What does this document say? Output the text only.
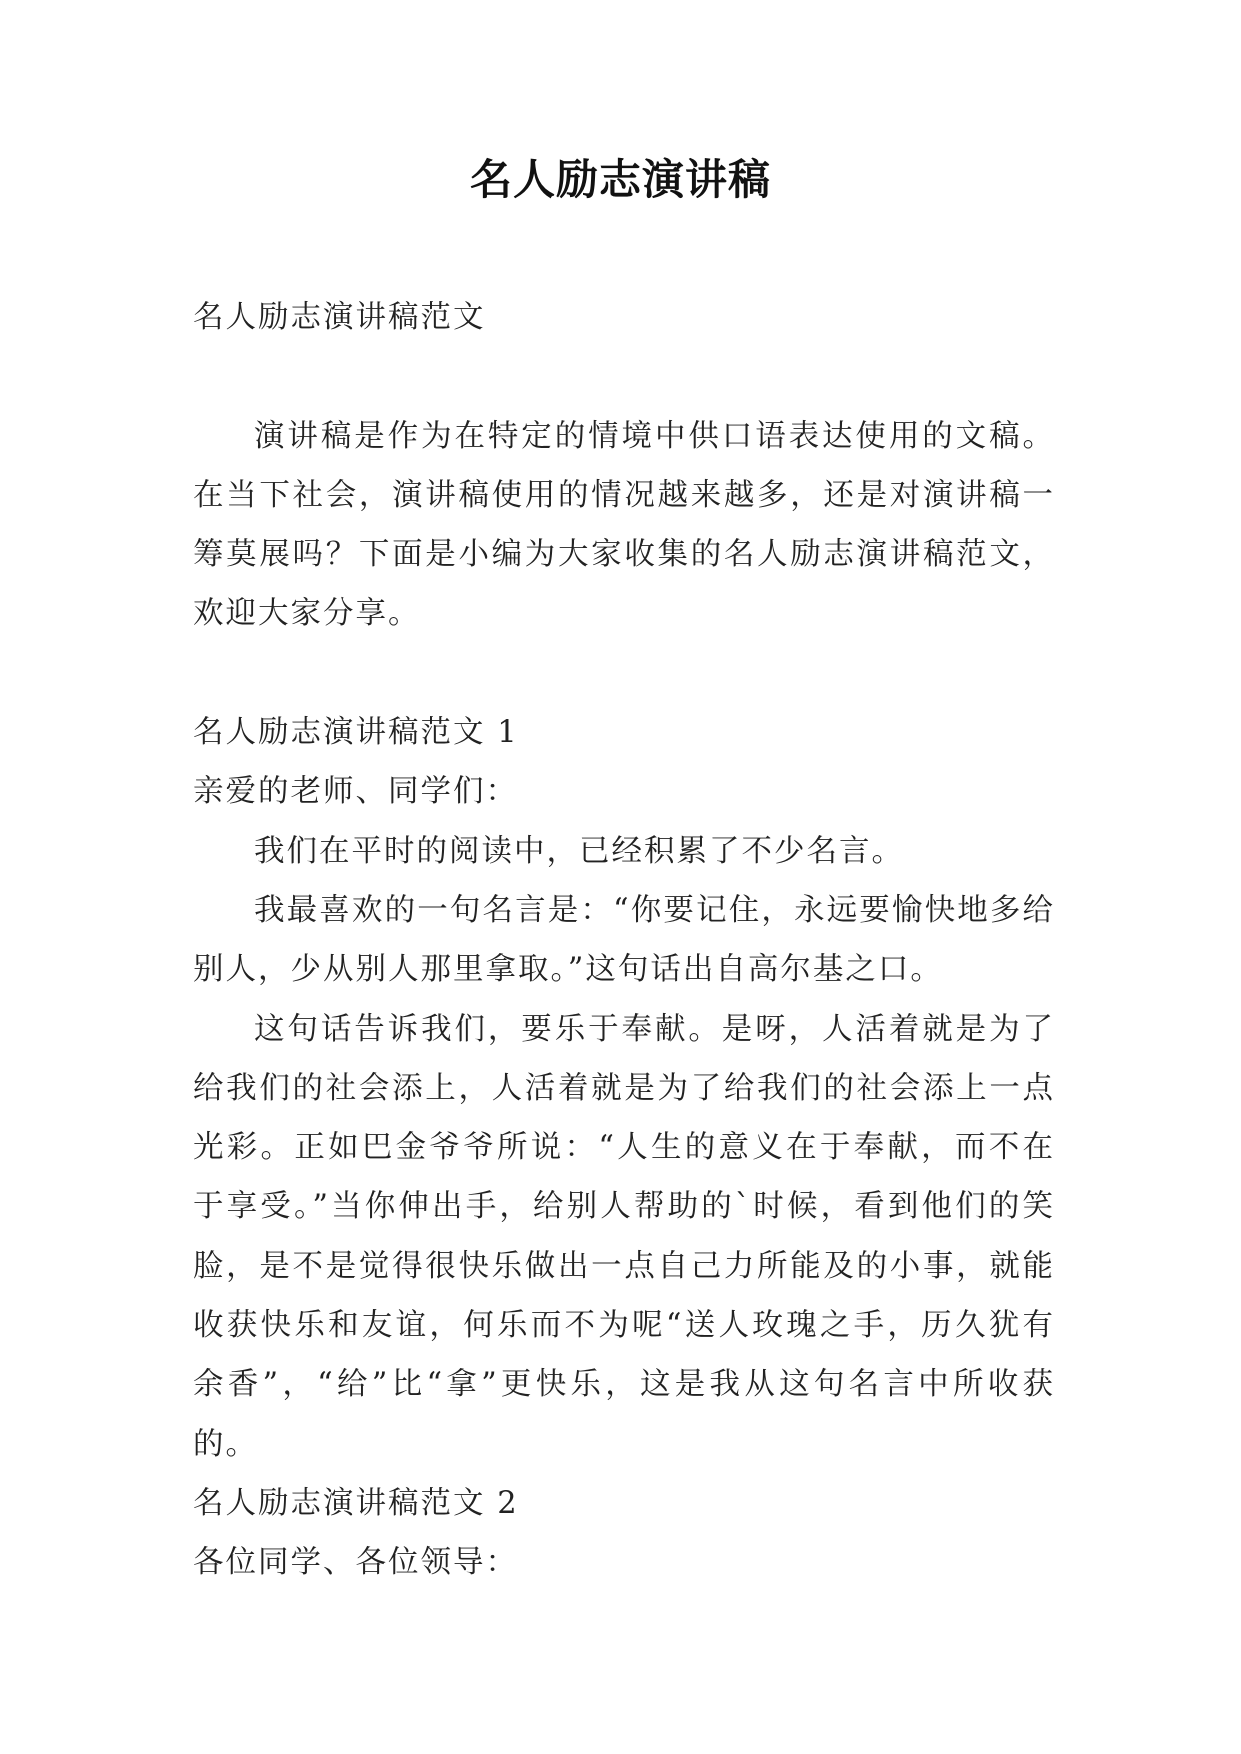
名人励志演讲稿

名人励志演讲稿范文

演讲稿是作为在特定的情境中供口语表达使用的文稿。在当下社会，演讲稿使用的情况越来越多，还是对演讲稿一筹莫展吗？下面是小编为大家收集的名人励志演讲稿范文，欢迎大家分享。

名人励志演讲稿范文 1

亲爱的老师、同学们：

我们在平时的阅读中，已经积累了不少名言。

我最喜欢的一句名言是：“你要记住，永远要愉快地多给别人，少从别人那里拿取。”这句话出自高尔基之口。

这句话告诉我们，要乐于奉献。是呀，人活着就是为了给我们的社会添上，人活着就是为了给我们的社会添上一点光彩。正如巴金爷爷所说：“人生的意义在于奉献，而不在于享受。”当你伸出手，给别人帮助的`时候，看到他们的笑脸，是不是觉得很快乐做出一点自己力所能及的小事，就能收获快乐和友谊，何乐而不为呢“送人玫瑰之手，历久犹有余香”，“给”比“拿”更快乐，这是我从这句名言中所收获的。

名人励志演讲稿范文 2

各位同学、各位领导：
